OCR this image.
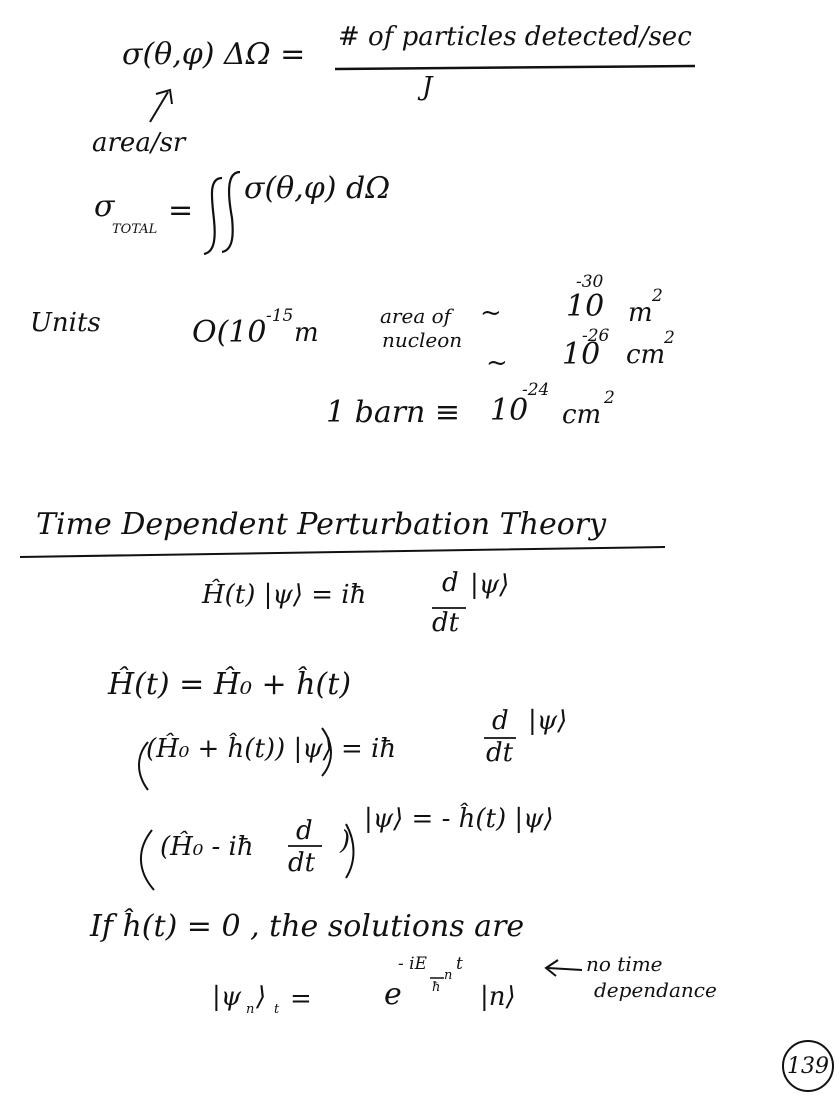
σ(θ,φ) ΔΩ = # of particles detected/sec
J
area/sr
σ
TOTAL
=
σ(θ,φ) dΩ
Units	O(10 -15
m
area of
nucleon
~ 10
-30
m
2
~ 10
-26
cm
2
1 barn ≡ 10
-24
cm
2
Time Dependent Perturbation Theory
Ĥ(t) |ψ⟩ = iħ	d
dt
|ψ⟩
Ĥ(t) = Ĥ₀ + ĥ(t)
(Ĥ₀ + ĥ(t)) |ψ⟩ = iħ
d
dt
|ψ⟩
(Ĥ₀ - iħ
d
dt
)
|ψ⟩ = - ĥ(t) |ψ⟩
If ĥ(t) = 0 , the solutions are
|ψ n ⟩ t = e
- iE
n
t
ħ |n⟩
no time
dependance
139
